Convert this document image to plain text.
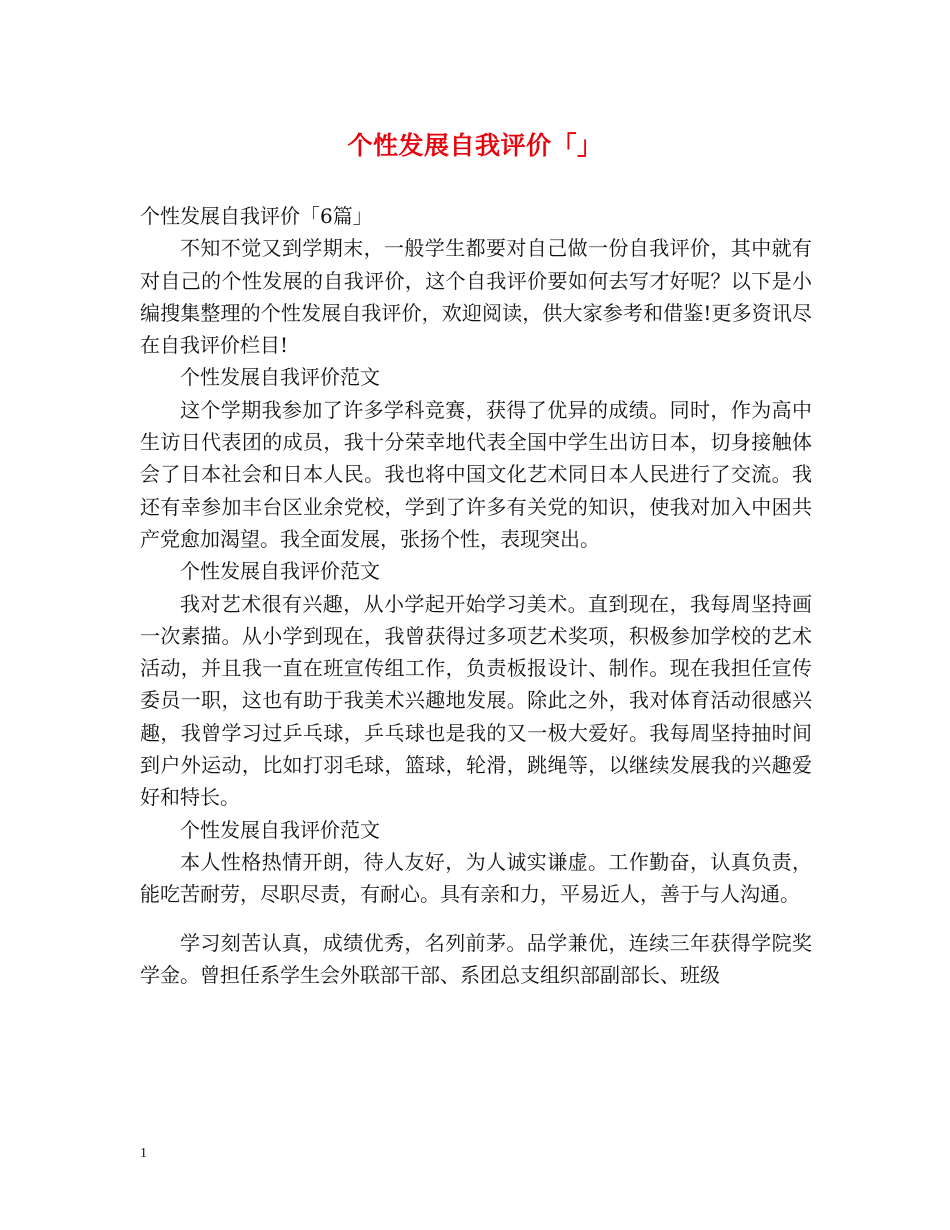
个性发展自我评价「」

个性发展自我评价「6篇」

不知不觉又到学期末，一般学生都要对自己做一份自我评价，其中就有对自己的个性发展的自我评价，这个自我评价要如何去写才好呢？以下是小编搜集整理的个性发展自我评价，欢迎阅读，供大家参考和借鉴!更多资讯尽在自我评价栏目!

个性发展自我评价范文

这个学期我参加了许多学科竞赛，获得了优异的成绩。同时，作为高中生访日代表团的成员，我十分荣幸地代表全国中学生出访日本，切身接触体会了日本社会和日本人民。我也将中国文化艺术同日本人民进行了交流。我还有幸参加丰台区业余党校，学到了许多有关党的知识，使我对加入中困共产党愈加渴望。我全面发展，张扬个性，表现突出。

个性发展自我评价范文

我对艺术很有兴趣，从小学起开始学习美术。直到现在，我每周坚持画一次素描。从小学到现在，我曾获得过多项艺术奖项，积极参加学校的艺术活动，并且我一直在班宣传组工作，负责板报设计、制作。现在我担任宣传委员一职，这也有助于我美术兴趣地发展。除此之外，我对体育活动很感兴趣，我曾学习过乒乓球，乒乓球也是我的又一极大爱好。我每周坚持抽时间到户外运动，比如打羽毛球，篮球，轮滑，跳绳等，以继续发展我的兴趣爱好和特长。

个性发展自我评价范文

本人性格热情开朗，待人友好，为人诚实谦虚。工作勤奋，认真负责，能吃苦耐劳，尽职尽责，有耐心。具有亲和力，平易近人，善于与人沟通。

学习刻苦认真，成绩优秀，名列前茅。品学兼优，连续三年获得学院奖学金。曾担任系学生会外联部干部、系团总支组织部副部长、班级

1
